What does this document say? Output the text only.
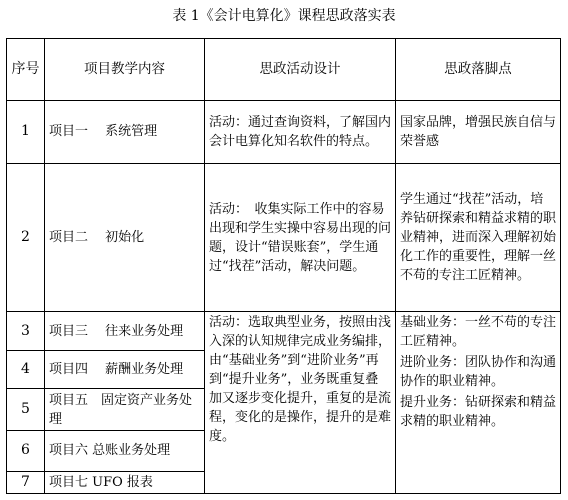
表 1《会计电算化》课程思政落实表
序号	项目教学内容	思政活动设计	思政落脚点
1	项目一　 系统管理	活动：通过查询资料，了解国内会计电算化知名软件的特点。	国家品牌，增强民族自信与荣誉感
2	项目二　 初始化	活动：　收集实际工作中的容易出现和学生实操中容易出现的问题，设计“错误账套”，学生通过“找茬”活动，解决问题。	学生通过“找茬”活动，培养钻研探索和精益求精的职业精神，进而深入理解初始化工作的重要性，理解一丝不苟的专注工匠精神。
3	项目三　 往来业务处理	活动：选取典型业务，按照由浅入深的认知规律完成业务编排，由“基础业务”到“进阶业务”再到“提升业务”，业务既重复叠加又逐步变化提升，重复的是流程，变化的是操作，提升的是难度。	基础业务：一丝不苟的专注工匠精神。
进阶业务：团队协作和沟通协作的职业精神。
提升业务：钻研探索和精益求精的职业精神。

4	项目四　 薪酬业务处理		
5	项目五　固定资产业务处理		
6	项目六 总账业务处理		
7	项目七 UFO 报表		
